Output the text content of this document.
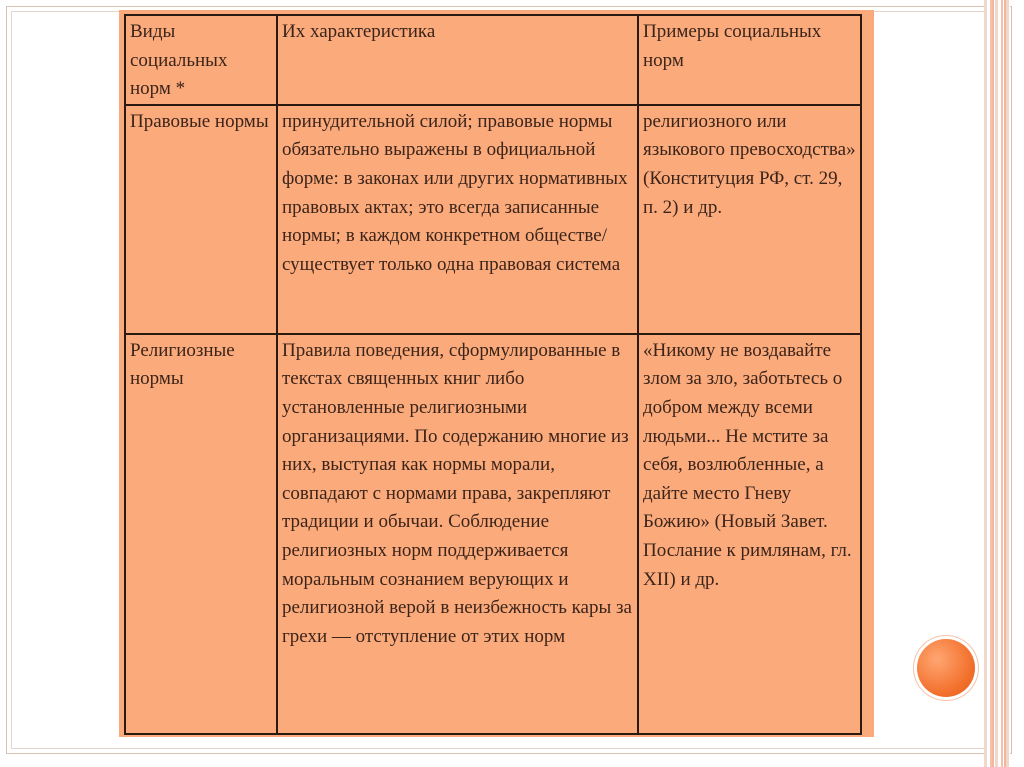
Виды социальных норм *	Их характеристика	Примеры социальных норм

Правовые нормы	принудительной силой; правовые нормы обязательно выражены в официальной форме: в законах или других нормативных правовых актах; это всегда записанные нормы; в каждом конкретном обществе/существует только одна правовая система	религиозного или языкового превосходства» (Конституция РФ, ст. 29, п. 2) и др.

Религиозные нормы	Правила поведения, сформулированные в текстах священных книг либо установленные религиозными организациями. По содержанию многие из них, выступая как нормы морали, совпадают с нормами права, закрепляют традиции и обычаи. Соблюдение религиозных норм поддерживается моральным сознанием верующих и религиозной верой в неизбежность кары за грехи — отступление от этих норм	«Никому не воздавайте злом за зло, заботьтесь о добром между всеми людьми... Не мстите за себя, возлюбленные, а дайте место Гневу Божию» (Новый Завет. Послание к римлянам, гл. XII) и др.
